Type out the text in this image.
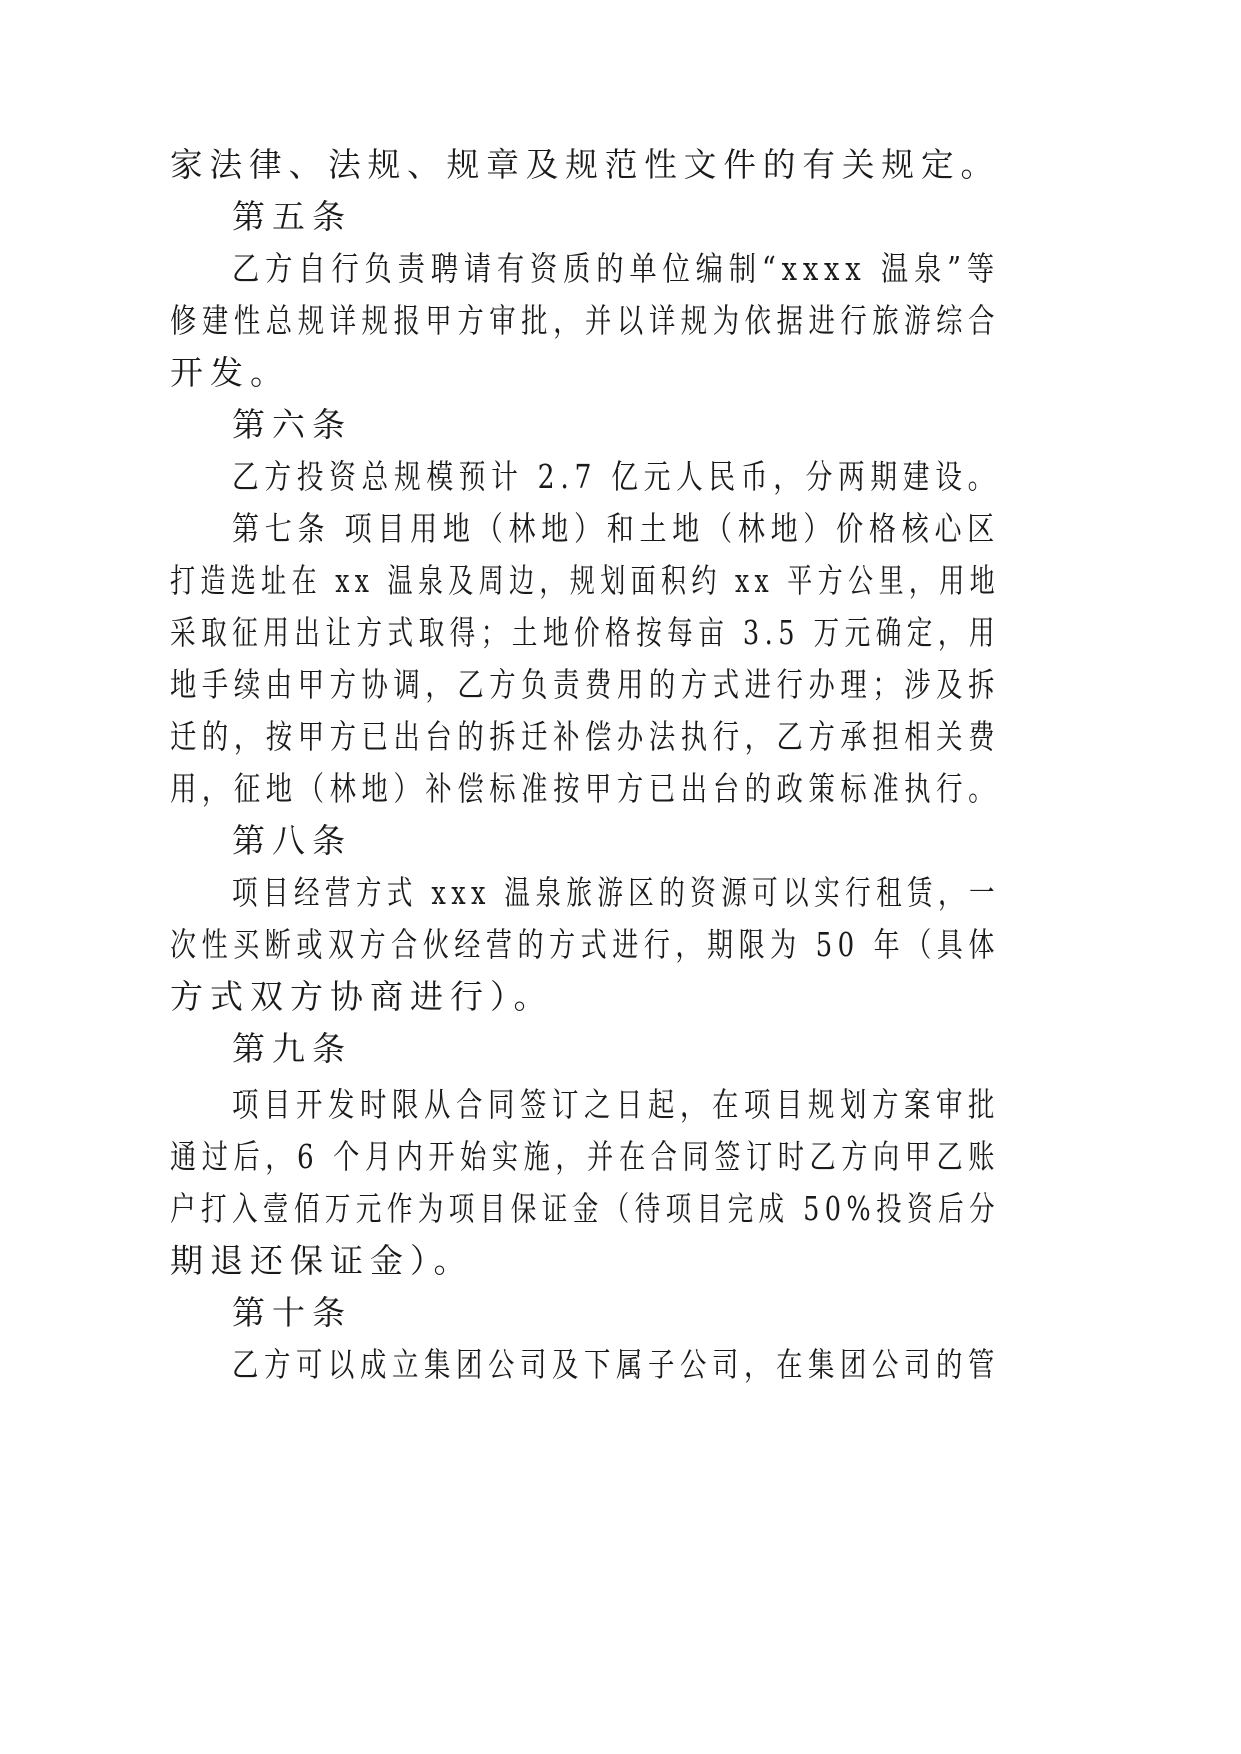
家法律、法规、规章及规范性文件的有关规定。
第五条
乙方自行负责聘请有资质的单位编制“xxxx 温泉”等
修建性总规详规报甲方审批，并以详规为依据进行旅游综合
开发。
第六条
乙方投资总规模预计 2.7 亿元人民币，分两期建设。
第七条 项目用地（林地）和土地（林地）价格核心区
打造选址在 xx 温泉及周边，规划面积约 xx 平方公里，用地
采取征用出让方式取得；土地价格按每亩 3.5 万元确定，用
地手续由甲方协调，乙方负责费用的方式进行办理；涉及拆
迁的，按甲方已出台的拆迁补偿办法执行，乙方承担相关费
用，征地（林地）补偿标准按甲方已出台的政策标准执行。
第八条
项目经营方式 xxx 温泉旅游区的资源可以实行租赁，一
次性买断或双方合伙经营的方式进行，期限为 50 年（具体
方式双方协商进行）。
第九条
项目开发时限从合同签订之日起，在项目规划方案审批
通过后，6 个月内开始实施，并在合同签订时乙方向甲乙账
户打入壹佰万元作为项目保证金（待项目完成 50%投资后分
期退还保证金）。
第十条
乙方可以成立集团公司及下属子公司，在集团公司的管
